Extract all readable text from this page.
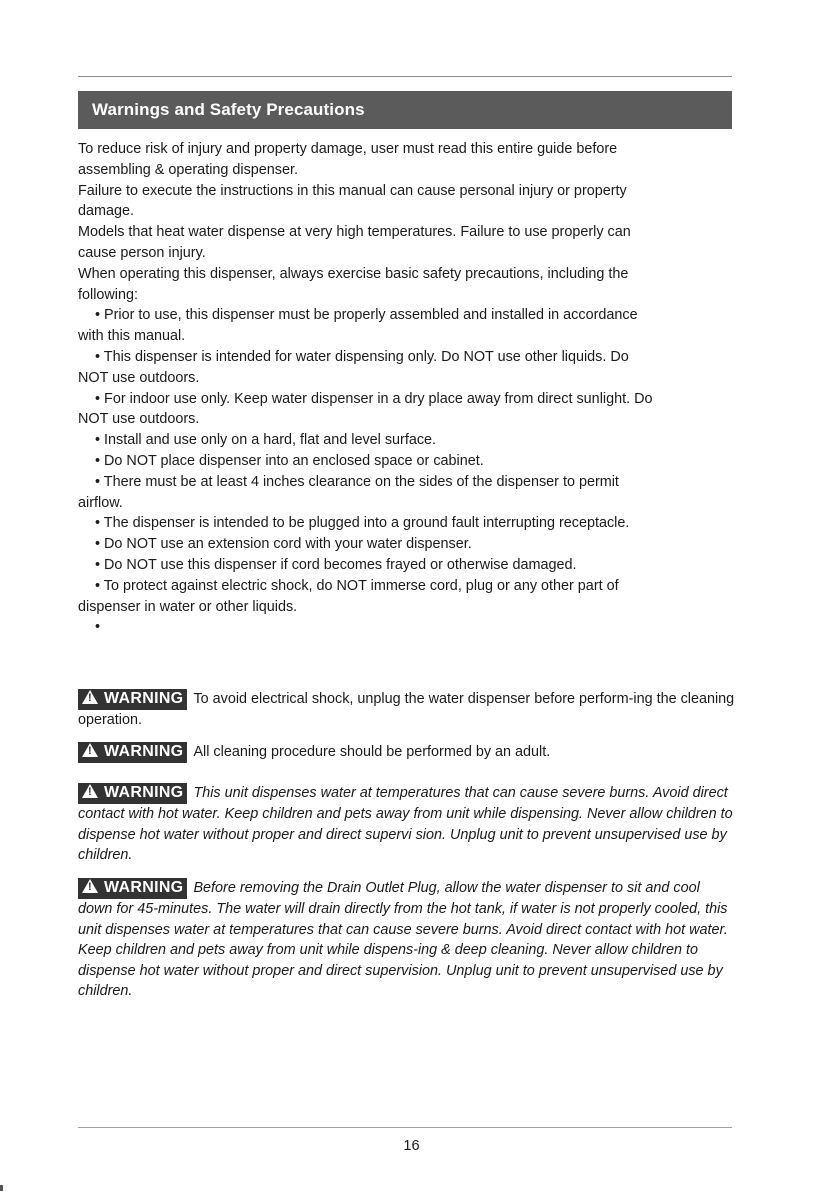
Warnings and Safety Precautions

To reduce risk of injury and property damage, user must read this entire guide before

assembling & operating dispenser.

Failure to execute the instructions in this manual can cause personal injury or property

damage.

Models that heat water dispense at very high temperatures. Failure to use properly can

cause person injury.

When operating this dispenser, always exercise basic safety precautions, including the

following:

• Prior to use, this dispenser must be properly assembled and installed in accordance

with this manual.

• This dispenser is intended for water dispensing only. Do NOT use other liquids. Do

NOT use outdoors.

• For indoor use only. Keep water dispenser in a dry place away from direct sunlight. Do

NOT use outdoors.

• Install and use only on a hard, flat and level surface.

• Do NOT place dispenser into an enclosed space or cabinet.

• There must be at least 4 inches clearance on the sides of the dispenser to permit

airflow.

• The dispenser is intended to be plugged into a ground fault interrupting receptacle.

• Do NOT use an extension cord with your water dispenser.

• Do NOT use this dispenser if cord becomes frayed or otherwise damaged.

• To protect against electric shock, do NOT immerse cord, plug or any other part of

dispenser in water or other liquids.

•

!WARNING To avoid electrical shock, unplug the water dispenser before perform-ing the cleaning operation.
!WARNING All cleaning procedure should be performed by an adult.
!WARNING This unit dispenses water at temperatures that can cause severe burns. Avoid direct contact with hot water. Keep children and pets away from unit while dispensing. Never allow children to dispense hot water without proper and direct supervi sion. Unplug unit to prevent unsupervised use by children.
!WARNING Before removing the Drain Outlet Plug, allow the water dispenser to sit and cool down for 45-minutes. The water will drain directly from the hot tank, if water is not properly cooled, this unit dispenses water at temperatures that can cause severe burns. Avoid direct contact with hot water. Keep children and pets away from unit while dispens-ing & deep cleaning. Never allow children to dispense hot water without proper and direct supervision. Unplug unit to prevent unsupervised use by children.
16
